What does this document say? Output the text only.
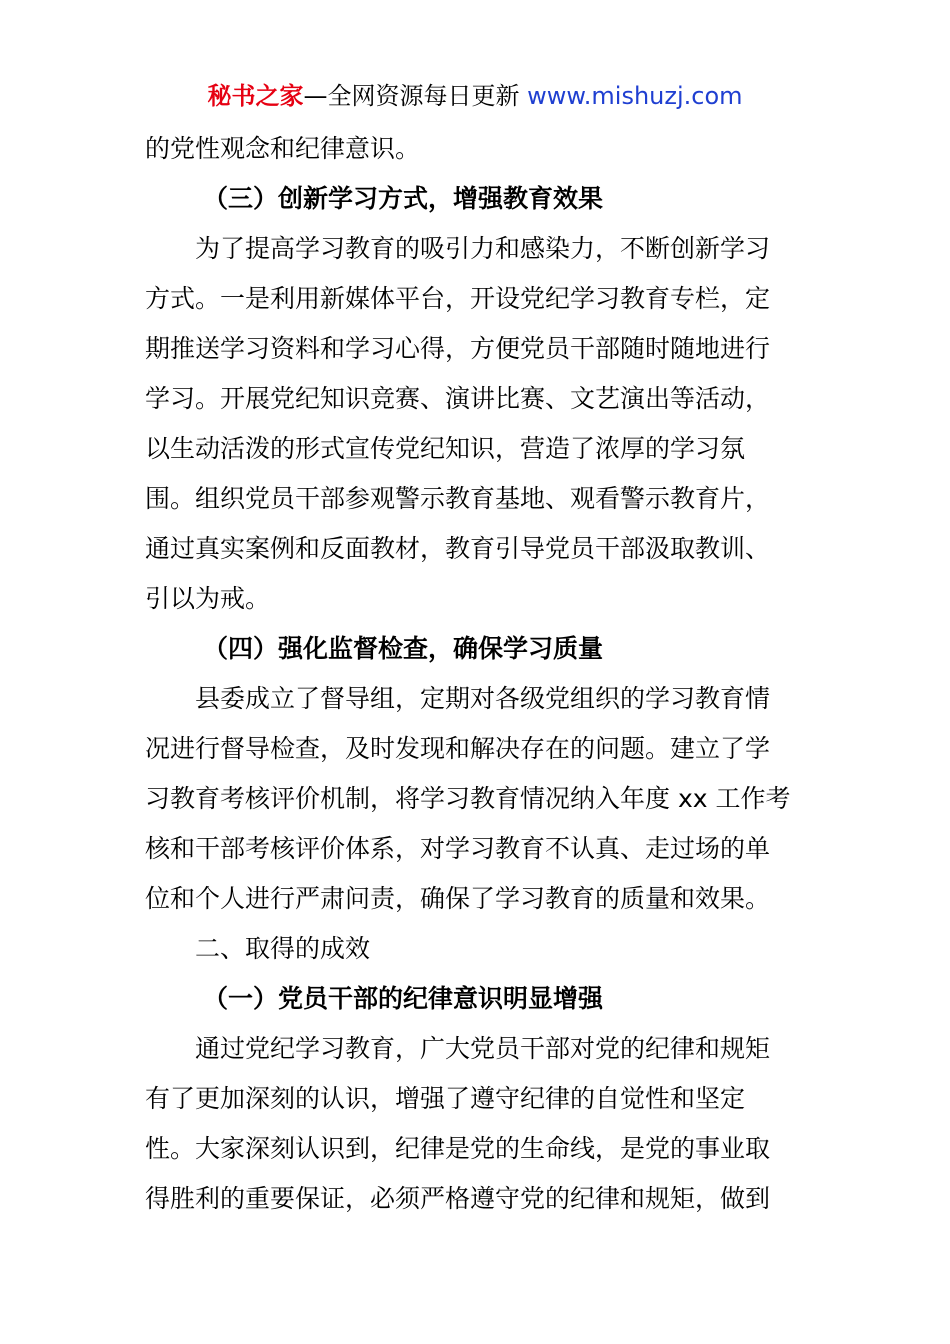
秘书之家—全网资源每日更新 www.mishuzj.com
的党性观念和纪律意识。
（三）创新学习方式，增强教育效果
为了提高学习教育的吸引力和感染力，不断创新学习
方式。一是利用新媒体平台，开设党纪学习教育专栏，定
期推送学习资料和学习心得，方便党员干部随时随地进行
学习。开展党纪知识竞赛、演讲比赛、文艺演出等活动，
以生动活泼的形式宣传党纪知识，营造了浓厚的学习氛
围。组织党员干部参观警示教育基地、观看警示教育片，
通过真实案例和反面教材，教育引导党员干部汲取教训、
引以为戒。
（四）强化监督检查，确保学习质量
县委成立了督导组，定期对各级党组织的学习教育情
况进行督导检查，及时发现和解决存在的问题。建立了学
习教育考核评价机制，将学习教育情况纳入年度 xx 工作考
核和干部考核评价体系，对学习教育不认真、走过场的单
位和个人进行严肃问责，确保了学习教育的质量和效果。
二、取得的成效
（一）党员干部的纪律意识明显增强
通过党纪学习教育，广大党员干部对党的纪律和规矩
有了更加深刻的认识，增强了遵守纪律的自觉性和坚定
性。大家深刻认识到，纪律是党的生命线，是党的事业取
得胜利的重要保证，必须严格遵守党的纪律和规矩，做到
